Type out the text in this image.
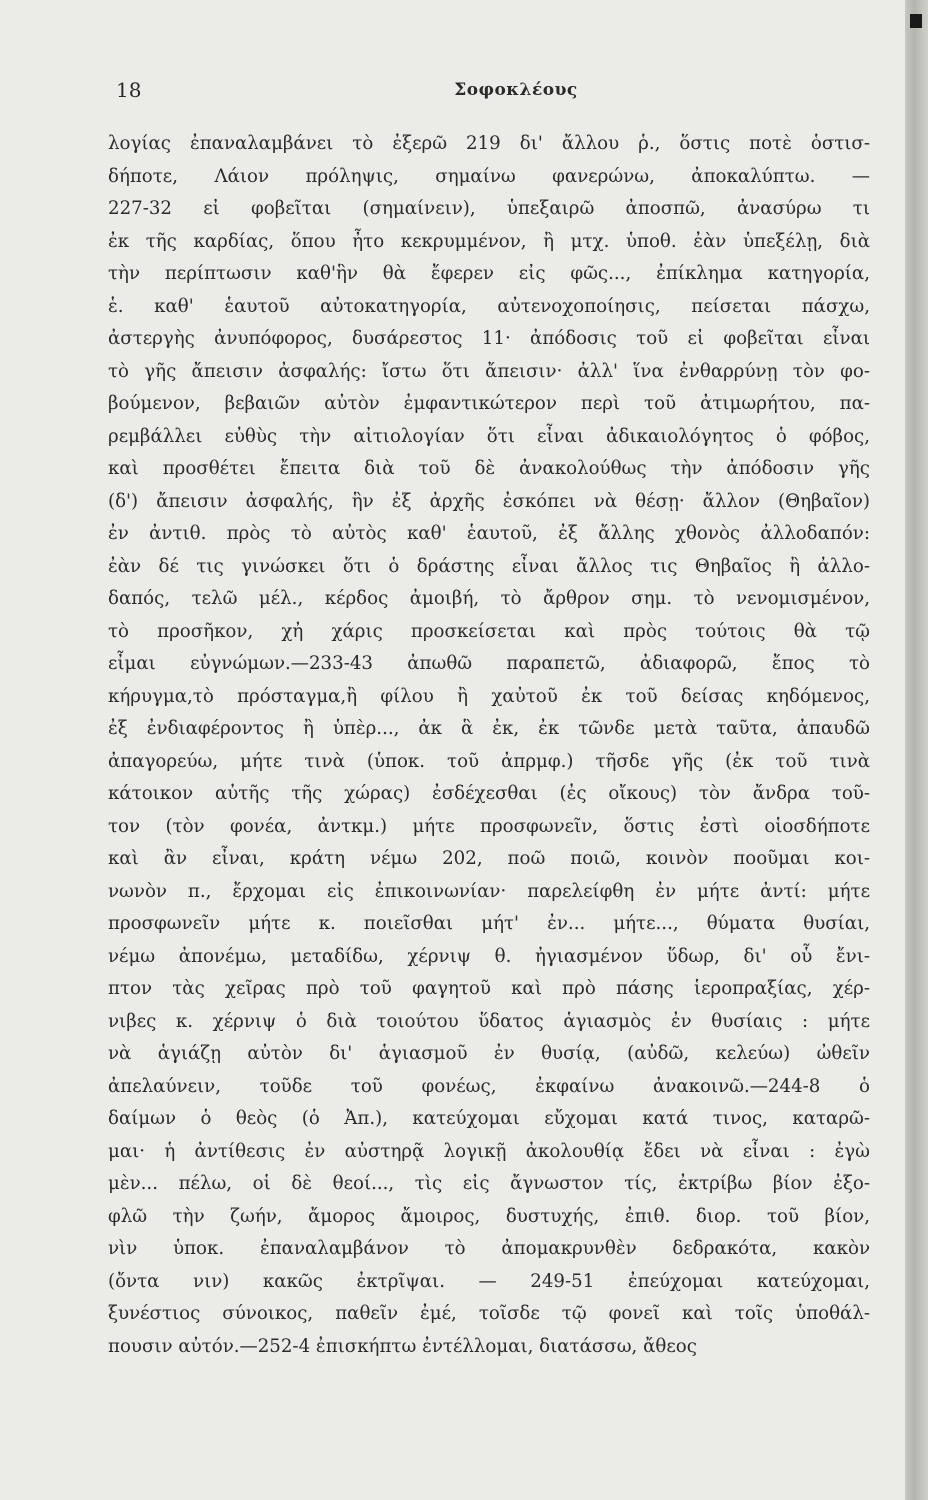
18	Σοφοκλέους
λογίας ἐπαναλαμβάνει τὸ ἐξερῶ 219 δι' ἄλλου ῥ., ὅστις ποτὲ ὁστισ-
δήποτε, Λάιον πρόληψις, σημαίνω φανερώνω, ἀποκαλύπτω. —
227-32 εἰ φοβεῖται (σημαίνειν), ὑπεξαιρῶ ἀποσπῶ, ἀνασύρω τι
ἐκ τῆς καρδίας, ὅπου ἦτο κεκρυμμένον, ἢ μτχ. ὑποθ. ἐὰν ὑπεξέλῃ, διὰ
τὴν περίπτωσιν καθ'ἣν θὰ ἔφερεν εἰς φῶς..., ἐπίκλημα κατηγορία,
ἑ. καθ' ἑαυτοῦ αὐτοκατηγορία, αὐτενοχοποίησις, πείσεται πάσχω,
ἀστεργὴς ἀνυπόφορος, δυσάρεστος 11· ἀπόδοσις τοῦ εἰ φοβεῖται εἶναι
τὸ γῆς ἄπεισιν ἀσφαλής: ἴστω ὅτι ἄπεισιν· ἀλλ' ἵνα ἐνθαρρύνῃ τὸν φο-
βούμενον, βεβαιῶν αὐτὸν ἐμφαντικώτερον περὶ τοῦ ἀτιμωρήτου, πα-
ρεμβάλλει εὐθὺς τὴν αἰτιολογίαν ὅτι εἶναι ἀδικαιολόγητος ὁ φόβος,
καὶ προσθέτει ἔπειτα διὰ τοῦ δὲ ἀνακολούθως τὴν ἀπόδοσιν γῆς
(δ') ἄπεισιν ἀσφαλής, ἣν ἐξ ἀρχῆς ἐσκόπει νὰ θέσῃ· ἄλλον (Θηβαῖον)
ἐν ἀντιθ. πρὸς τὸ αὐτὸς καθ' ἑαυτοῦ, ἐξ ἄλλης χθονὸς ἀλλοδαπόν:
ἐὰν δέ τις γινώσκει ὅτι ὁ δράστης εἶναι ἄλλος τις Θηβαῖος ἢ ἀλλο-
δαπός, τελῶ μέλ., κέρδος ἀμοιβή, τὸ ἄρθρον σημ. τὸ νενομισμένον,
τὸ προσῆκον, χἠ χάρις προσκείσεται καὶ πρὸς τούτοις θὰ τῷ
εἶμαι εὐγνώμων.—233-43 ἀπωθῶ παραπετῶ, ἀδιαφορῶ, ἔπος τὸ
κήρυγμα,τὸ πρόσταγμα,ἢ φίλου ἢ χαὐτοῦ ἐκ τοῦ δείσας κηδόμενος,
ἐξ ἐνδιαφέροντος ἢ ὑπὲρ..., ἀκ ἃ ἐκ, ἐκ τῶνδε μετὰ ταῦτα, ἀπαυδῶ
ἀπαγορεύω, μήτε τινὰ (ὑποκ. τοῦ ἀπρμφ.) τῆσδε γῆς (ἐκ τοῦ τινὰ
κάτοικον αὐτῆς τῆς χώρας) ἐσδέχεσθαι (ἐς οἴκους) τὸν ἄνδρα τοῦ-
τον (τὸν φονέα, ἀντκμ.) μήτε προσφωνεῖν, ὅστις ἐστὶ οἱοσδήποτε
καὶ ἂν εἶναι, κράτη νέμω 202, ποῶ ποιῶ, κοινὸν ποοῦμαι κοι-
νωνὸν π., ἔρχομαι εἰς ἐπικοινωνίαν· παρελείφθη ἐν μήτε ἀντί: μήτε
προσφωνεῖν μήτε κ. ποιεῖσθαι μήτ' ἐν... μήτε..., θύματα θυσίαι,
νέμω ἀπονέμω, μεταδίδω, χέρνιψ θ. ἠγιασμένον ὕδωρ, δι' οὗ ἔνι-
πτον τὰς χεῖρας πρὸ τοῦ φαγητοῦ καὶ πρὸ πάσης ἱεροπραξίας, χέρ-
νιβες κ. χέρνιψ ὁ διὰ τοιούτου ὕδατος ἁγιασμὸς ἐν θυσίαις : μήτε
νὰ ἁγιάζῃ αὐτὸν δι' ἁγιασμοῦ ἐν θυσίᾳ, (αὐδῶ, κελεύω) ὠθεῖν
ἀπελαύνειν, τοῦδε τοῦ φονέως, ἐκφαίνω ἀνακοινῶ.—244-8 ὁ
δαίμων ὁ θεὸς (ὁ Ἀπ.), κατεύχομαι εὔχομαι κατά τινος, καταρῶ-
μαι· ἡ ἀντίθεσις ἐν αὐστηρᾷ λογικῇ ἀκολουθίᾳ ἔδει νὰ εἶναι : ἐγὼ
μὲν... πέλω, οἱ δὲ θεοί..., τὶς εἰς ἄγνωστον τίς, ἐκτρίβω βίον ἐξο-
φλῶ τὴν ζωήν, ἄμορος ἄμοιρος, δυστυχής, ἐπιθ. διορ. τοῦ βίον,
νὶν ὑποκ. ἐπαναλαμβάνον τὸ ἀπομακρυνθὲν δεδρακότα, κακὸν
(ὄντα νιν) κακῶς ἐκτρῖψαι. — 249-51 ἐπεύχομαι κατεύχομαι,
ξυνέστιος σύνοικος, παθεῖν ἐμέ, τοῖσδε τῷ φονεῖ καὶ τοῖς ὑποθάλ-
πουσιν αὐτόν.—252-4 ἐπισκήπτω ἐντέλλομαι, διατάσσω, ἄθεος
